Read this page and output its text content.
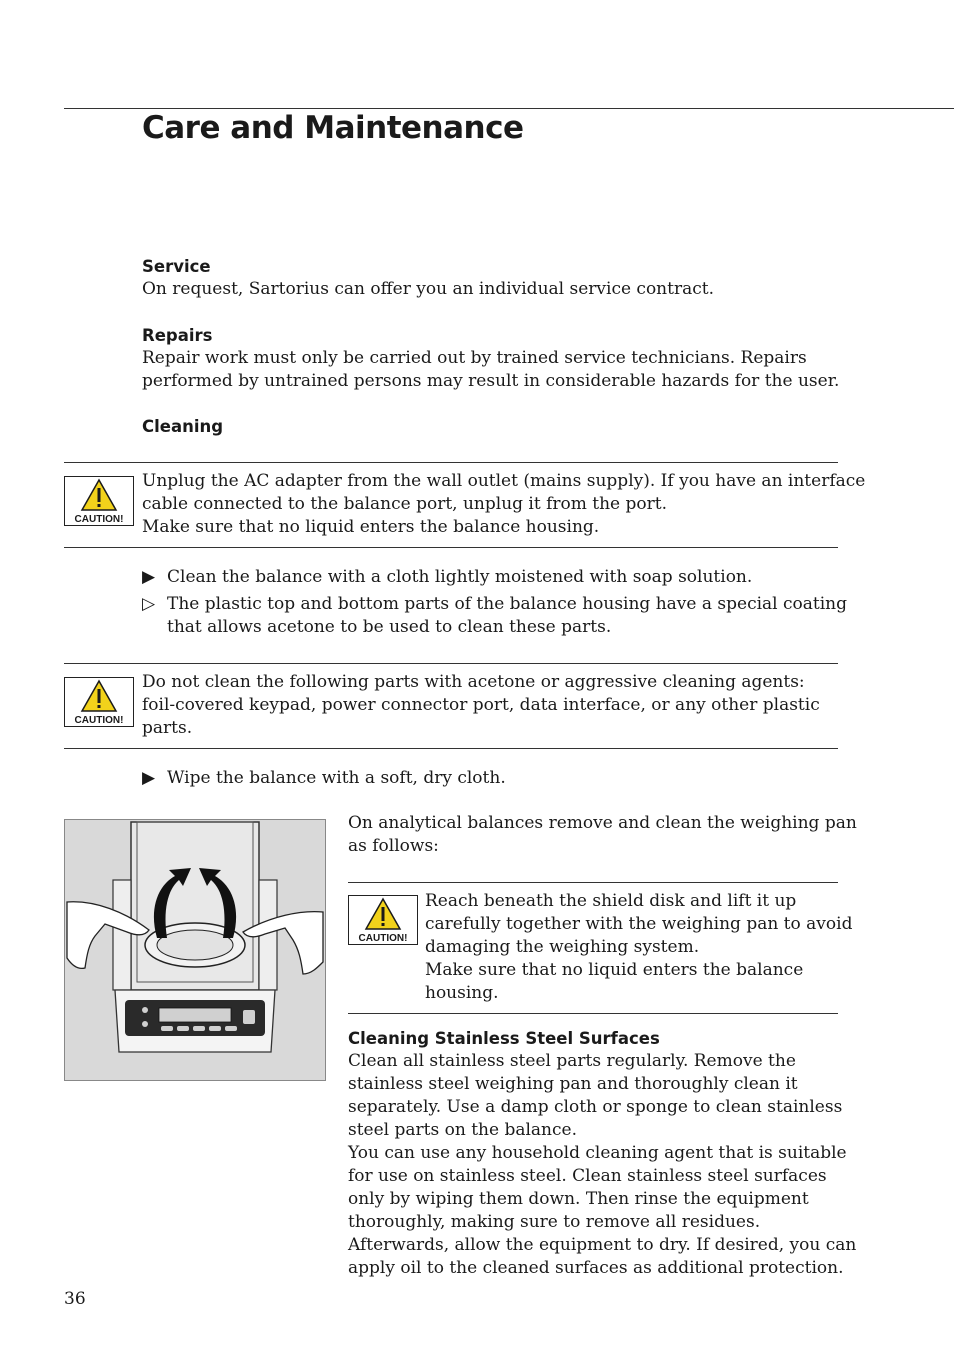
Care and Maintenance

Service

On request, Sartorius can offer you an individual service contract.

Repairs

Repair work must only be carried out by trained service technicians. Repairs

performed by untrained persons may result in considerable hazards for the user.

Cleaning

CAUTION!

Unplug the AC adapter from the wall outlet (mains supply). If you have an interface

cable connected to the balance port, unplug it from the port.

Make sure that no liquid enters the balance housing.

▶ Clean the balance with a cloth lightly moistened with soap solution.
▷ The plastic top and bottom parts of the balance housing have a special coating
that allows acetone to be used to clean these parts.
CAUTION!

Do not clean the following parts with acetone or aggressive cleaning agents:

foil-covered keypad, power connector port, data interface, or any other plastic

parts.

▶ Wipe the balance with a soft, dry cloth.

On analytical balances remove and clean the weighing pan

as follows:

CAUTION!

Reach beneath the shield disk and lift it up

carefully together with the weighing pan to avoid

damaging the weighing system.

Make sure that no liquid enters the balance

housing.

Cleaning Stainless Steel Surfaces

Clean all stainless steel parts regularly. Remove the

stainless steel weighing pan and thoroughly clean it

separately. Use a damp cloth or sponge to clean stainless

steel parts on the balance.

You can use any household cleaning agent that is suitable

for use on stainless steel. Clean stainless steel surfaces

only by wiping them down. Then rinse the equipment

thoroughly, making sure to remove all residues.

Afterwards, allow the equipment to dry. If desired, you can

apply oil to the cleaned surfaces as additional protection.

36
